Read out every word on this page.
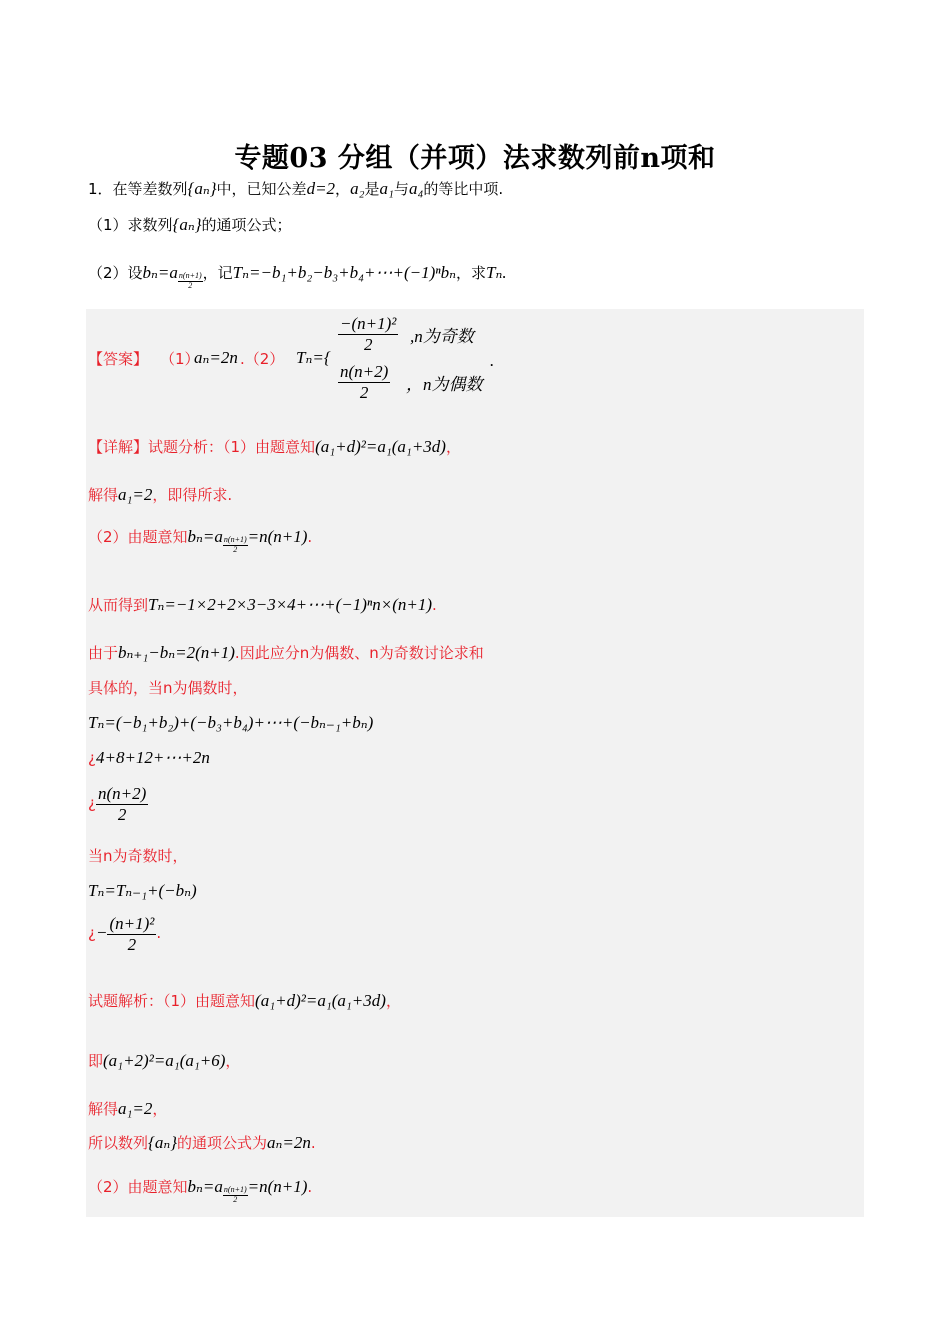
专题03 分组（并项）法求数列前n项和
1．在等差数列{aₙ}中，已知公差d=2，a₂是a₁与a₄的等比中项.
（1）求数列{aₙ}的通项公式；
（2）设$b_n=a \frac{n(n+1)}{2}$ ，记Tₙ=−b₁+b₂−b₃+b₄+⋯+(−1)ⁿbₙ，求Tₙ.
【答案】 （1）
aₙ=2n .（2） Tₙ={
$\frac{\text{−(n+1)²}}{2} ,n$为奇数
$\frac{n(n+2)}{2}$ ，n为偶数
.
【详解】试题分析：（1）由题意知(a₁+d)²=a₁(a₁+3d)，
解得a₁=2，即得所求.
（2）由题意知$b_n=a \frac{n(n+1)}{2} =n(n+1)$.
从而得到Tₙ=−1×2+2×3−3×4+⋯+(−1)ⁿn×(n+1).
由于bₙ₊₁−bₙ=2(n+1).因此应分n为偶数、n为奇数讨论求和
具体的，当n为偶数时，
Tₙ=(−b₁+b₂)+(−b₃+b₄)+⋯+(−bₙ₋₁+bₙ)
¿4+8+12+⋯+2n
¿ $\frac{n(n+2)}{2}$
当n为奇数时，
Tₙ=Tₙ₋₁+(−bₙ)
¿− $\frac{\text{(n+1)²}}{2}$ .
试题解析：（1）由题意知(a₁+d)²=a₁(a₁+3d)，
即(a₁+2)²=a₁(a₁+6)，
解得a₁=2，
所以数列{aₙ}的通项公式为aₙ=2n.
（2）由题意知$b_n=a \frac{n(n+1)}{2} =n(n+1)$.
